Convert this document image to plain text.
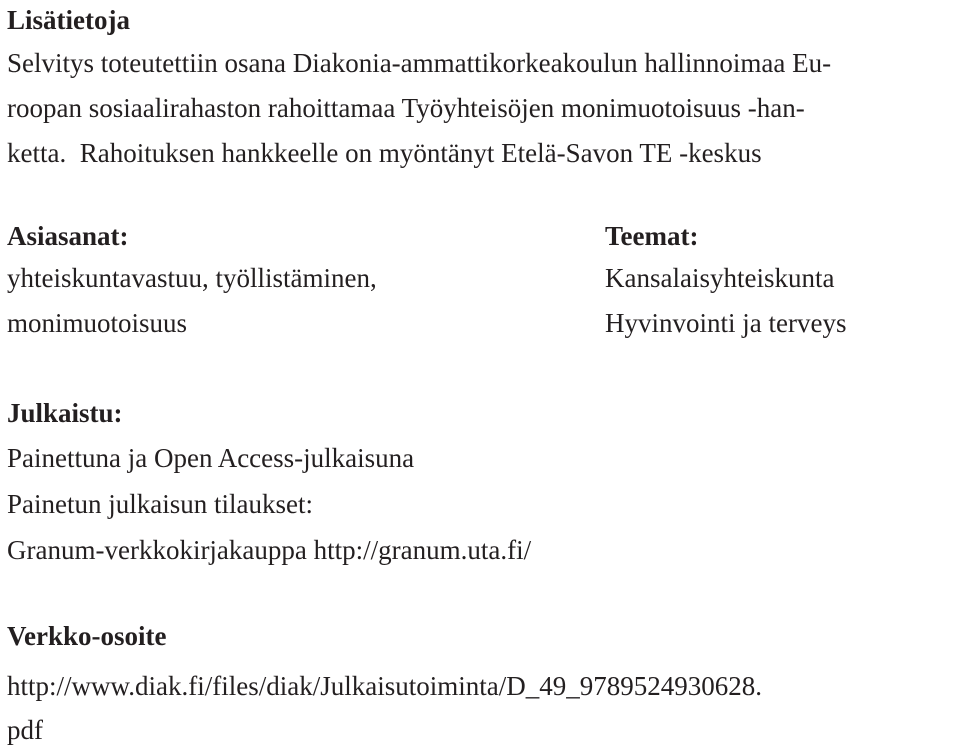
Lisätietoja

Selvitys toteutettiin osana Diakonia-ammattikorkeakoulun hallinnoimaa Eu-
roopan sosiaalirahaston rahoittamaa Työyhteisöjen monimuotoisuus -han-
ketta.  Rahoituksen hankkeelle on myöntänyt Etelä-Savon TE -keskus

Asiasanat:

yhteiskuntavastuu, työllistäminen,
monimuotoisuus

Teemat:

Kansalaisyhteiskunta
Hyvinvointi ja terveys

Julkaistu:

Painettuna ja Open Access-julkaisuna
Painetun julkaisun tilaukset:
Granum-verkkokirjakauppa http://granum.uta.fi/

Verkko-osoite

http://www.diak.fi/files/diak/Julkaisutoiminta/D_49_9789524930628.
pdf
